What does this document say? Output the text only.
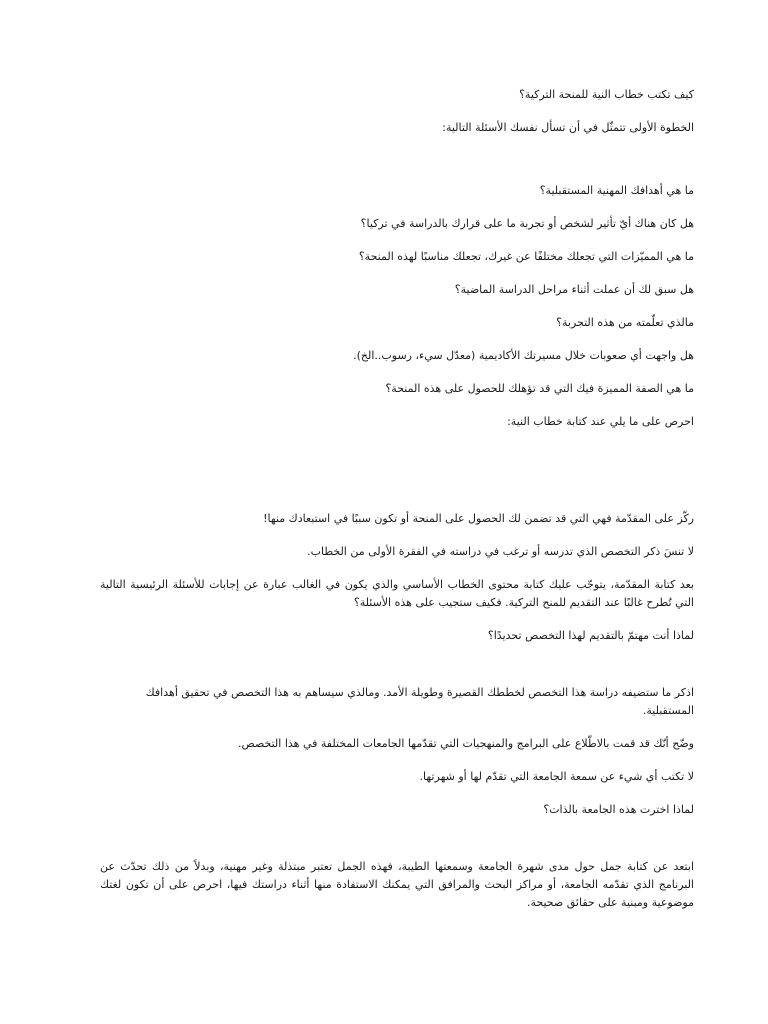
كيف تكتب خطاب النية للمنحة التركية؟

الخطوة الأولى تتمثّل في أن تسأل نفسك الأسئلة التالية:

ما هي أهدافك المهنية المستقبلية؟

هل كان هناك أيّ تأثير لشخص أو تجربة ما على قرارك بالدراسة في تركيا؟

ما هي المميّزات التي تجعلك مختلفًا عن غيرك، تجعلك مناسبًا لهذه المنحة؟

هل سبق لك أن عملت أثناء مراحل الدراسة الماضية؟

مالذي تعلّمته من هذه التجربة؟

هل واجهت أي صعوبات خلال مسيرتك الأكاديمية (معدّل سيء، رسوب..الخ).

ما هي الصفة المميزة فيك التي قد تؤهلك للحصول على هذه المنحة؟

احرص على ما يلي عند كتابة خطاب النية:

ركّز على المقدّمة فهي التي قد تضمن لك الحصول على المنحة أو تكون سببًا في استبعادك منها!

لا تنسَ ذكر التخصص الذي تدرسه أو ترغب في دراسته في الفقرة الأولى من الخطاب.

بعد كتابة المقدّمة، يتوجّب عليك كتابة محتوى الخطاب الأساسي والذي يكون في الغالب عبارة عن إجابات للأسئلة الرئيسية التالية التي تُطرح غالبًا عند التقديم للمنح التركية. فكيف ستجيب على هذه الأسئلة؟

لماذا أنت مهتمّ بالتقديم لهذا التخصص تحديدًا؟

اذكر ما ستضيفه دراسة هذا التخصص لخططك القصيرة وطويلة الأمد. ومالذي سيساهم به هذا التخصص في تحقيق أهدافك المستقبلية.

وضّح أنّك قد قمت بالاطّلاع على البرامج والمنهجيات التي تقدّمها الجامعات المختلفة في هذا التخصص.

لا تكتب أي شيء عن سمعة الجامعة التي تقدّم لها أو شهرتها.

لماذا اخترت هذه الجامعة بالذات؟

ابتعد عن كتابة جمل حول مدى شهرة الجامعة وسمعتها الطيبة، فهذه الجمل تعتبر مبتذلة وغير مهنية، وبدلاً من ذلك تحدّث عن البرنامج الذي تقدّمه الجامعة، أو مراكز البحث والمرافق التي يمكنك الاستفادة منها أثناء دراستك فيها، احرص على أن تكون لغتك موضوعية ومبنية على حقائق صحيحة.
